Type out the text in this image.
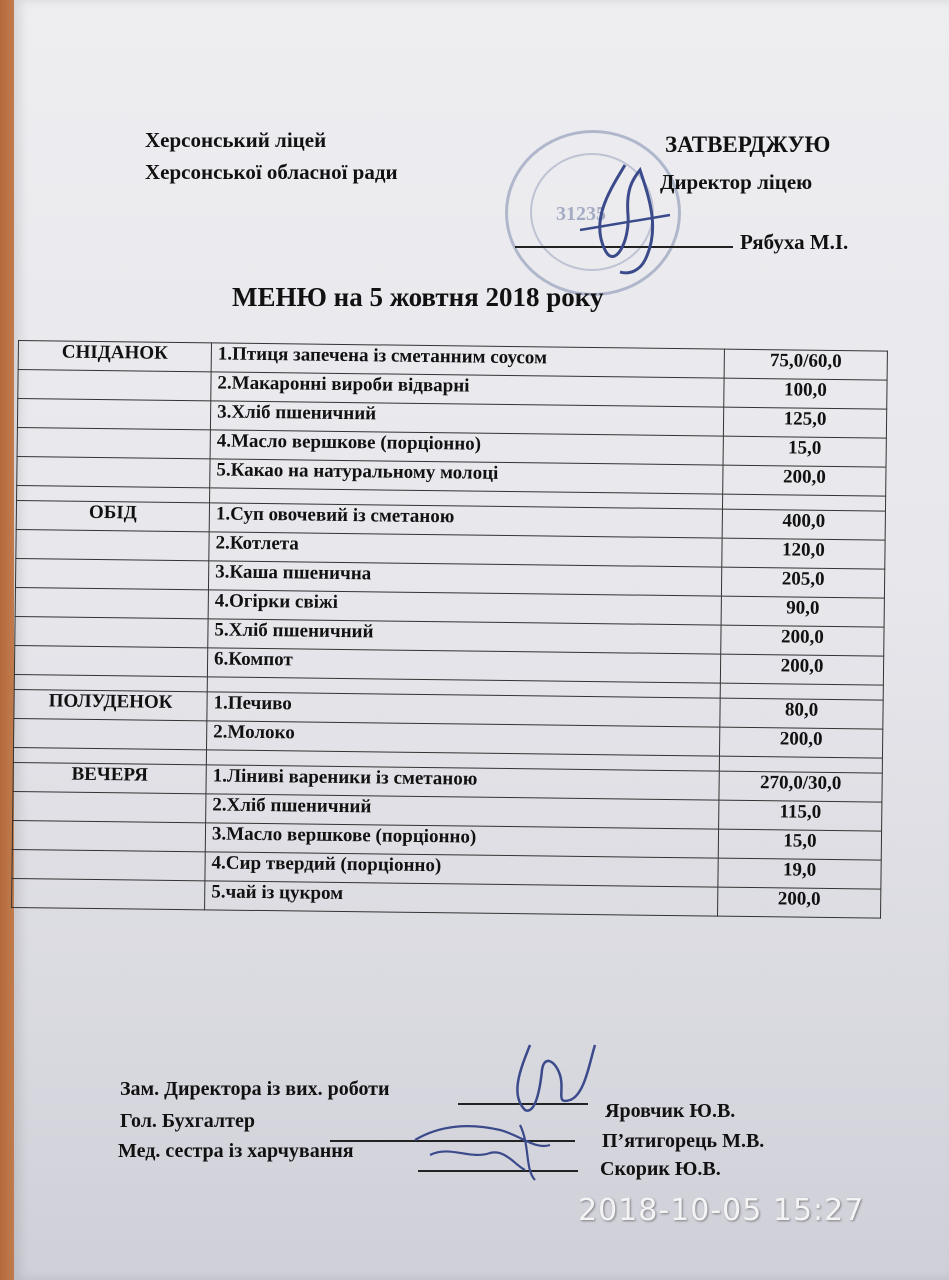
Херсонський ліцей
Херсонської обласної ради
31235
ЗАТВЕРДЖУЮ
Директор ліцею
Рябуха М.І.
МЕНЮ на 5 жовтня 2018 року
СНІДАНОК	1.Птиця запечена із сметанним соусом	75,0/60,0
	2.Макаронні вироби відварні	100,0
	3.Хліб пшеничний	125,0
	4.Масло вершкове (порціонно)	15,0
	5.Какао на натуральному молоці	200,0

ОБІД	1.Суп овочевий із сметаною	400,0
	2.Котлета	120,0
	3.Каша пшенична	205,0
	4.Огірки свіжі	90,0
	5.Хліб пшеничний	200,0
	6.Компот	200,0

ПОЛУДЕНОК	1.Печиво	80,0
	2.Молоко	200,0

ВЕЧЕРЯ	1.Ліниві вареники із сметаною	270,0/30,0
	2.Хліб пшеничний	115,0
	3.Масло вершкове (порціонно)	15,0
	4.Сир твердий (порціонно)	19,0
	5.чай із цукром	200,0
Зам. Директора із вих. роботи
Яровчик Ю.В.
Гол. Бухгалтер
П’ятигорець М.В.
Мед. сестра із харчування
Скорик Ю.В.
2018-10-05 15:27
